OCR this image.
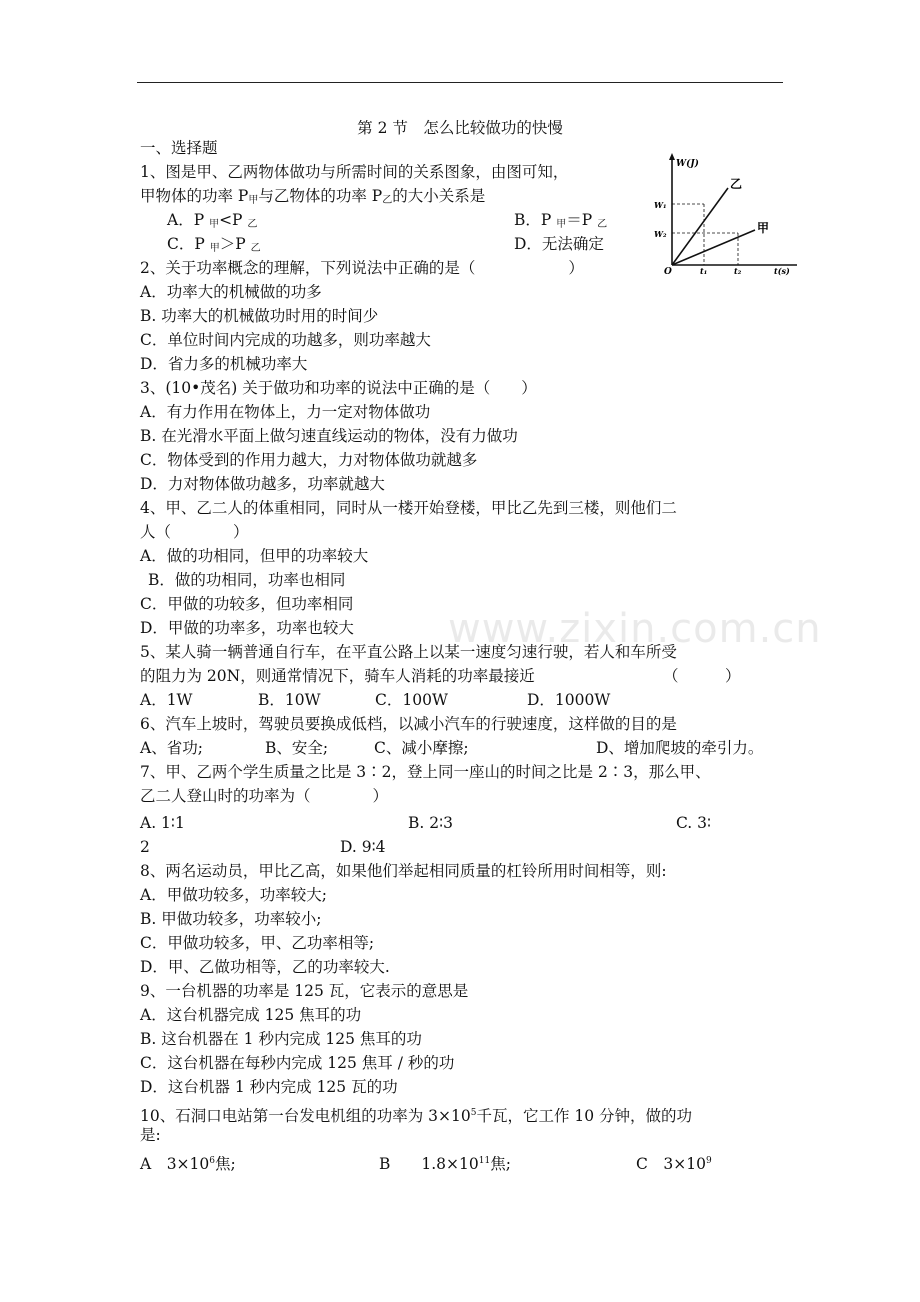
第 2 节　怎么比较做功的快慢
一、选择题
1、图是甲、乙两物体做功与所需时间的关系图象，由图可知，
甲物体的功率 $P_甲$与乙物体的功率 $P_乙$的大小关系是
A．P $_甲$<P $_乙$	B．P $_甲$＝P $_乙$
C．P $_甲$＞P $_乙$	D．无法确定
W(J)
W₁
W₂
O	t₁	t₂	t(s)
乙
甲
2、关于功率概念的理解，下列说法中正确的是（　　　　　　）
A．功率大的机械做的功多
B. 功率大的机械做功时用的时间少
C．单位时间内完成的功越多，则功率越大
D．省力多的机械功率大
3、(10•茂名) 关于做功和功率的说法中正确的是（　　）
A．有力作用在物体上，力一定对物体做功
B. 在光滑水平面上做匀速直线运动的物体，没有力做功
C．物体受到的作用力越大，力对物体做功就越多
D．力对物体做功越多，功率就越大
4、甲、乙二人的体重相同，同时从一楼开始登楼，甲比乙先到三楼，则他们二
人（　　　　）
A．做的功相同，但甲的功率较大
B．做的功相同，功率也相同
C．甲做的功较多，但功率相同
D．甲做的功率多，功率也较大
5、某人骑一辆普通自行车，在平直公路上以某一速度匀速行驶，若人和车所受
的阻力为 20N，则通常情况下，骑车人消耗的功率最接近	（　　　）
A．1W	B．10W	C．100W	D．1000W
6、汽车上坡时，驾驶员要换成低档，以减小汽车的行驶速度，这样做的目的是
A、省功;	B、安全;	C、减小摩擦;	D、增加爬坡的牵引力。
7、甲、乙两个学生质量之比是 3∶2，登上同一座山的时间之比是 2∶3，那么甲、
乙二人登山时的功率为（　　　　）
A. 1∶1	B. 2∶3	C. 3∶
2	D. 9∶4
8、两名运动员，甲比乙高，如果他们举起相同质量的杠铃所用时间相等，则:
A．甲做功较多，功率较大;
B. 甲做功较多，功率较小;
C．甲做功较多，甲、乙功率相等;
D．甲、乙做功相等，乙的功率较大.
9、一台机器的功率是 125 瓦，它表示的意思是
A．这台机器完成 125 焦耳的功
B. 这台机器在 1 秒内完成 125 焦耳的功
C．这台机器在每秒内完成 125 焦耳 / 秒的功
D．这台机器 1 秒内完成 125 瓦的功
10、石洞口电站第一台发电机组的功率为 $3\times 10^5$千瓦，它工作 10 分钟，做的功
是:
A　$3\times 10^6$焦;	B　　$1.8\times 10^{11}$焦;	C　$3\times 10^9$
www.zixin.com.cn
